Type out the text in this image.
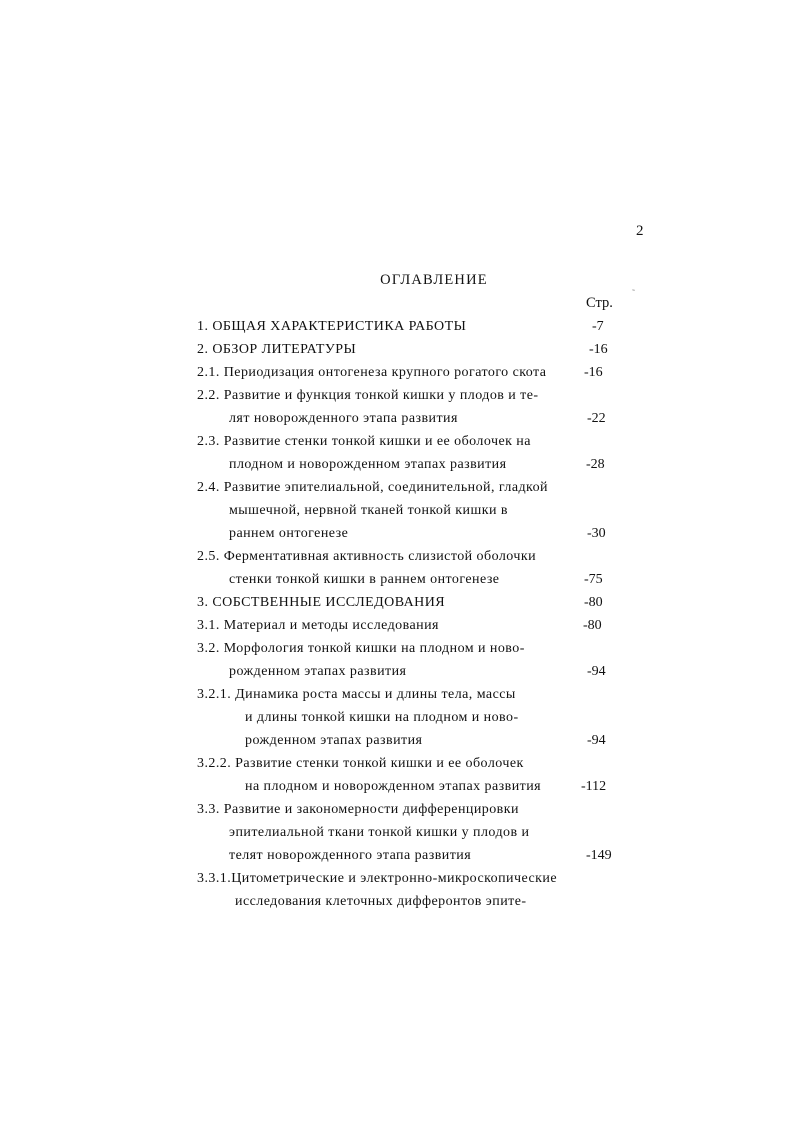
2
ОГЛАВЛЕНИЕ
Стр.
˷
1. ОБЩАЯ ХАРАКТЕРИСТИКА РАБОТЫ	-7
2. ОБЗОР ЛИТЕРАТУРЫ	-16
2.1. Периодизация онтогенеза крупного рогатого скота	-16
2.2. Развитие и функция тонкой кишки у плодов и те-
лят новорожденного этапа развития	-22
2.3. Развитие стенки тонкой кишки и ее оболочек на
плодном и новорожденном этапах развития	-28
2.4. Развитие эпителиальной, соединительной, гладкой
мышечной, нервной тканей тонкой кишки в
раннем онтогенезе	-30
2.5. Ферментативная активность слизистой оболочки
стенки тонкой кишки в раннем онтогенезе	-75
3. СОБСТВЕННЫЕ ИССЛЕДОВАНИЯ	-80
3.1. Материал и методы исследования	-80
3.2. Морфология тонкой кишки на плодном и ново-
рожденном этапах развития	-94
3.2.1. Динамика роста массы и длины тела, массы
и длины тонкой кишки на плодном и ново-
рожденном этапах развития	-94
3.2.2. Развитие стенки тонкой кишки и ее оболочек
на плодном и новорожденном этапах развития	-112
3.3. Развитие и закономерности дифференцировки
эпителиальной ткани тонкой кишки у плодов и
телят новорожденного этапа развития	-149
3.3.1.Цитометрические и электронно-микроскопические
исследования клеточных дифферонтов эпите-
